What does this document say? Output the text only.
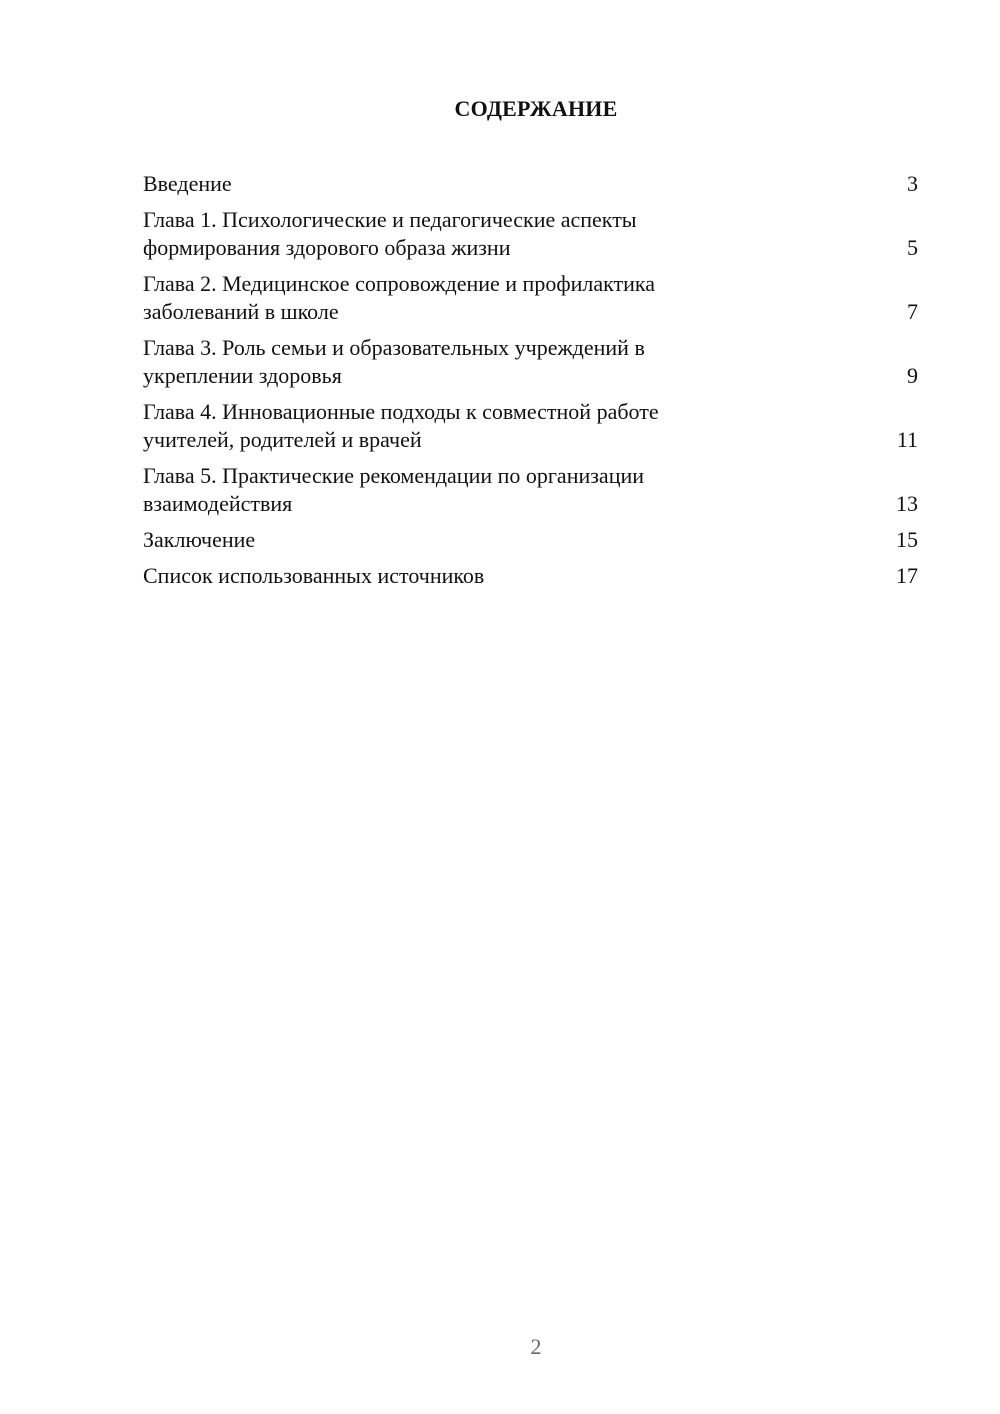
СОДЕРЖАНИЕ
Введение	3
Глава 1. Психологические и педагогические аспекты
формирования здорового образа жизни	5
Глава 2. Медицинское сопровождение и профилактика
заболеваний в школе	7
Глава 3. Роль семьи и образовательных учреждений в
укреплении здоровья	9
Глава 4. Инновационные подходы к совместной работе
учителей, родителей и врачей	11
Глава 5. Практические рекомендации по организации
взаимодействия	13
Заключение	15
Список использованных источников	17
2
